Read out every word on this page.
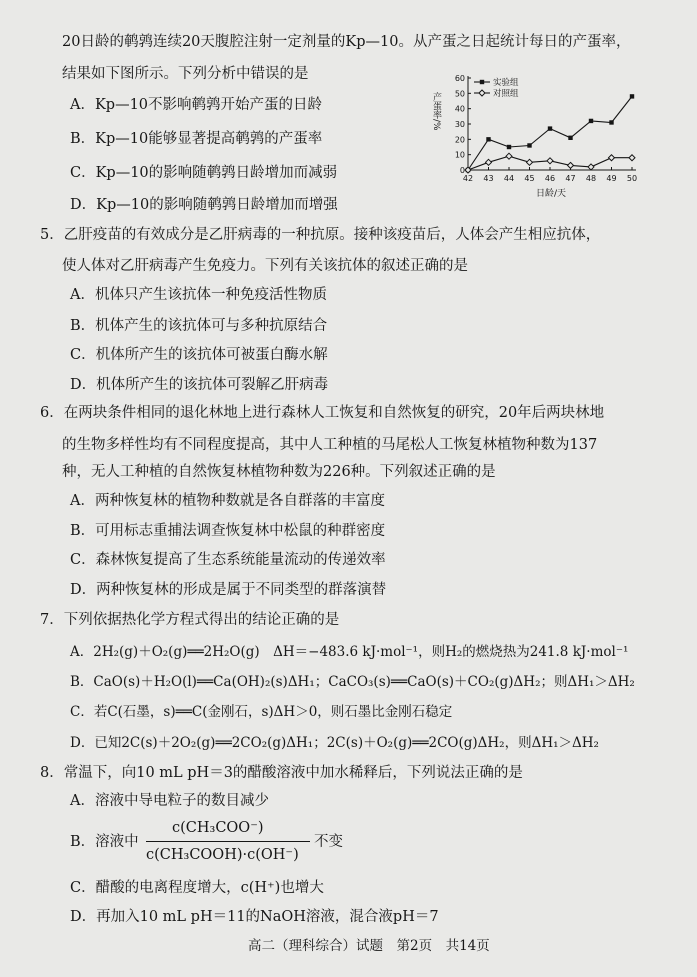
20日龄的鹌鹑连续20天腹腔注射一定剂量的Kp—10。从产蛋之日起统计每日的产蛋率，
结果如下图所示。下列分析中错误的是
A．Kp—10不影响鹌鹑开始产蛋的日龄
B．Kp—10能够显著提高鹌鹑的产蛋率
C．Kp—10的影响随鹌鹑日龄增加而减弱
D．Kp—10的影响随鹌鹑日龄增加而增强
0
10
20
30
40
50
60
42 43 44 45 46 47 48 49 50
实验组
对照组
产蛋率/%
日龄/天
5．乙肝疫苗的有效成分是乙肝病毒的一种抗原。接种该疫苗后，人体会产生相应抗体，
使人体对乙肝病毒产生免疫力。下列有关该抗体的叙述正确的是
A．机体只产生该抗体一种免疫活性物质
B．机体产生的该抗体可与多种抗原结合
C．机体所产生的该抗体可被蛋白酶水解
D．机体所产生的该抗体可裂解乙肝病毒
6．在两块条件相同的退化林地上进行森林人工恢复和自然恢复的研究，20年后两块林地
的生物多样性均有不同程度提高，其中人工种植的马尾松人工恢复林植物种数为137
种，无人工种植的自然恢复林植物种数为226种。下列叙述正确的是
A．两种恢复林的植物种数就是各自群落的丰富度
B．可用标志重捕法调查恢复林中松鼠的种群密度
C．森林恢复提高了生态系统能量流动的传递效率
D．两种恢复林的形成是属于不同类型的群落演替
7．下列依据热化学方程式得出的结论正确的是
A．2H₂(g)＋O₂(g)══2H₂O(g)　ΔH＝−483.6 kJ·mol⁻¹，则H₂的燃烧热为241.8 kJ·mol⁻¹
B．CaO(s)＋H₂O(l)══Ca(OH)₂(s)ΔH₁；CaCO₃(s)══CaO(s)＋CO₂(g)ΔH₂；则ΔH₁＞ΔH₂
C．若C(石墨，s)══C(金刚石，s)ΔH＞0，则石墨比金刚石稳定
D．已知2C(s)＋2O₂(g)══2CO₂(g)ΔH₁；2C(s)＋O₂(g)══2CO(g)ΔH₂，则ΔH₁＞ΔH₂
8．常温下，向10 mL pH＝3的醋酸溶液中加水稀释后，下列说法正确的是
A．溶液中导电粒子的数目减少
B．溶液中
c(CH₃COO⁻)
c(CH₃COOH)·c(OH⁻)
不变
C．醋酸的电离程度增大，c(H⁺)也增大
D．再加入10 mL pH＝11的NaOH溶液，混合液pH＝7
高二（理科综合）试题　第2页　共14页
